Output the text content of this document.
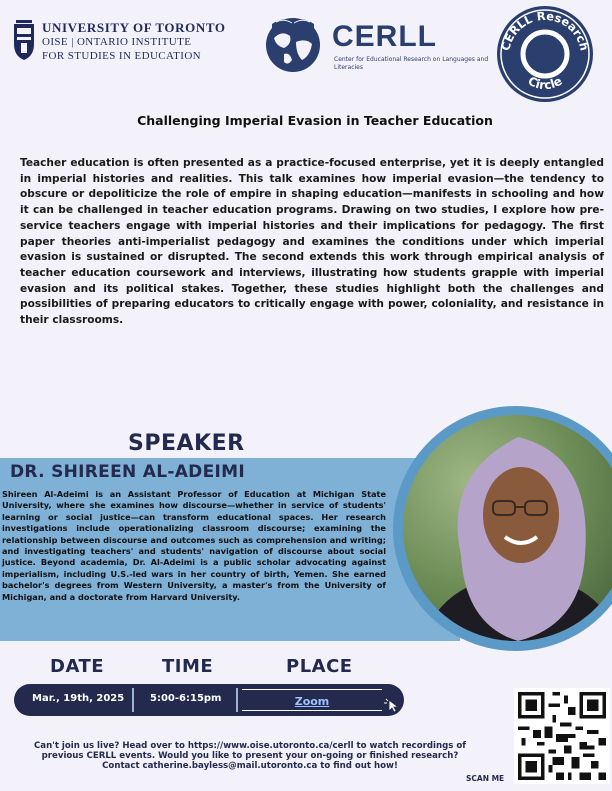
UNIVERSITY OF TORONTO
OISE | ONTARIO INSTITUTE
FOR STUDIES IN EDUCATION
CERLL
Center for Educational Research on Languages and Literacies
CERLL Research
Circle
Challenging Imperial Evasion in Teacher Education
Teacher education is often presented as a practice-focused enterprise, yet it is deeply entangled in imperial histories and realities. This talk examines how imperial evasion—the tendency to obscure or depoliticize the role of empire in shaping education—manifests in schooling and how it can be challenged in teacher education programs. Drawing on two studies, I explore how pre-service teachers engage with imperial histories and their implications for pedagogy. The first paper theories anti-imperialist pedagogy and examines the conditions under which imperial evasion is sustained or disrupted. The second extends this work through empirical analysis of teacher education coursework and interviews, illustrating how students grapple with imperial evasion and its political stakes. Together, these studies highlight both the challenges and possibilities of preparing educators to critically engage with power, coloniality, and resistance in their classrooms.
SPEAKER
DR. SHIREEN AL-ADEIMI
Shireen Al-Adeimi is an Assistant Professor of Education at Michigan State University, where she examines how discourse—whether in service of students' learning or social justice—can transform educational spaces. Her research investigations include operationalizing classroom discourse; examining the relationship between discourse and outcomes such as comprehension and writing; and investigating teachers' and students' navigation of discourse about social justice. Beyond academia, Dr. Al-Adeimi is a public scholar advocating against imperialism, including U.S.-led wars in her country of birth, Yemen. She earned bachelor's degrees from Western University, a master's from the University of Michigan, and a doctorate from Harvard University.
DATE	TIME	PLACE
Mar., 19th, 2025	5:00-6:15pm	Zoom
SCAN ME
Can't join us live? Head over to https://www.oise.utoronto.ca/cerll to watch recordings of
previous CERLL events. Would you like to present your on-going or finished research?
Contact catherine.bayless@mail.utoronto.ca to find out how!
